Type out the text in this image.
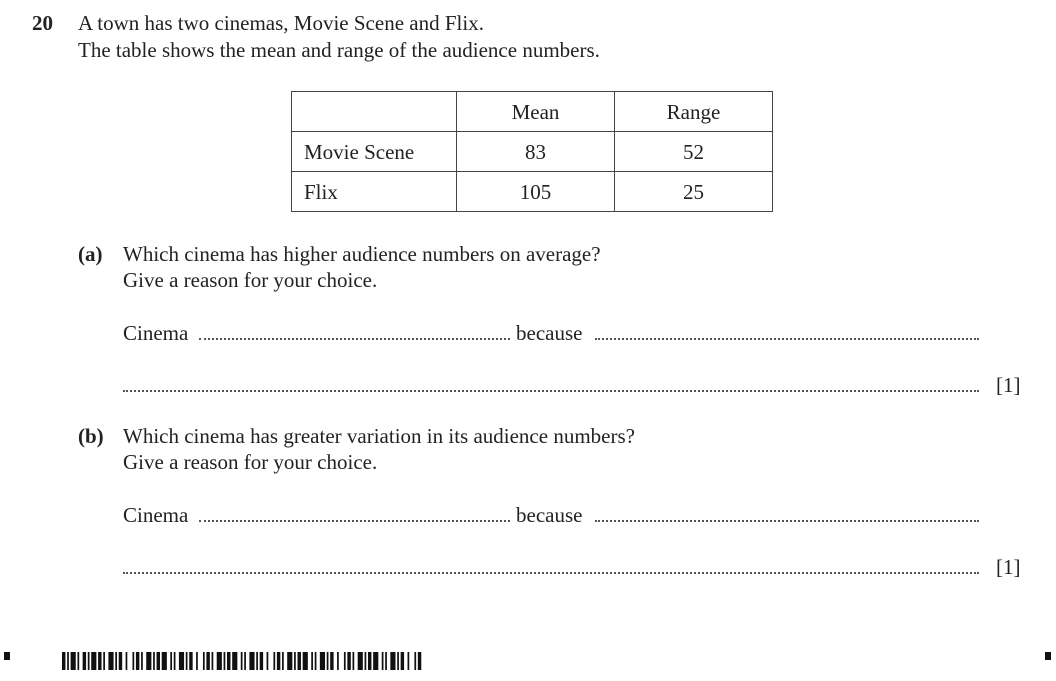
20 A town has two cinemas, Movie Scene and Flix.
The table shows the mean and range of the audience numbers.
	Mean	Range
Movie Scene	83	52
Flix	105	25
(a) Which cinema has higher audience numbers on average?
Give a reason for your choice.
Cinema	because
[1]
(b) Which cinema has greater variation in its audience numbers?
Give a reason for your choice.
Cinema	because
[1]
